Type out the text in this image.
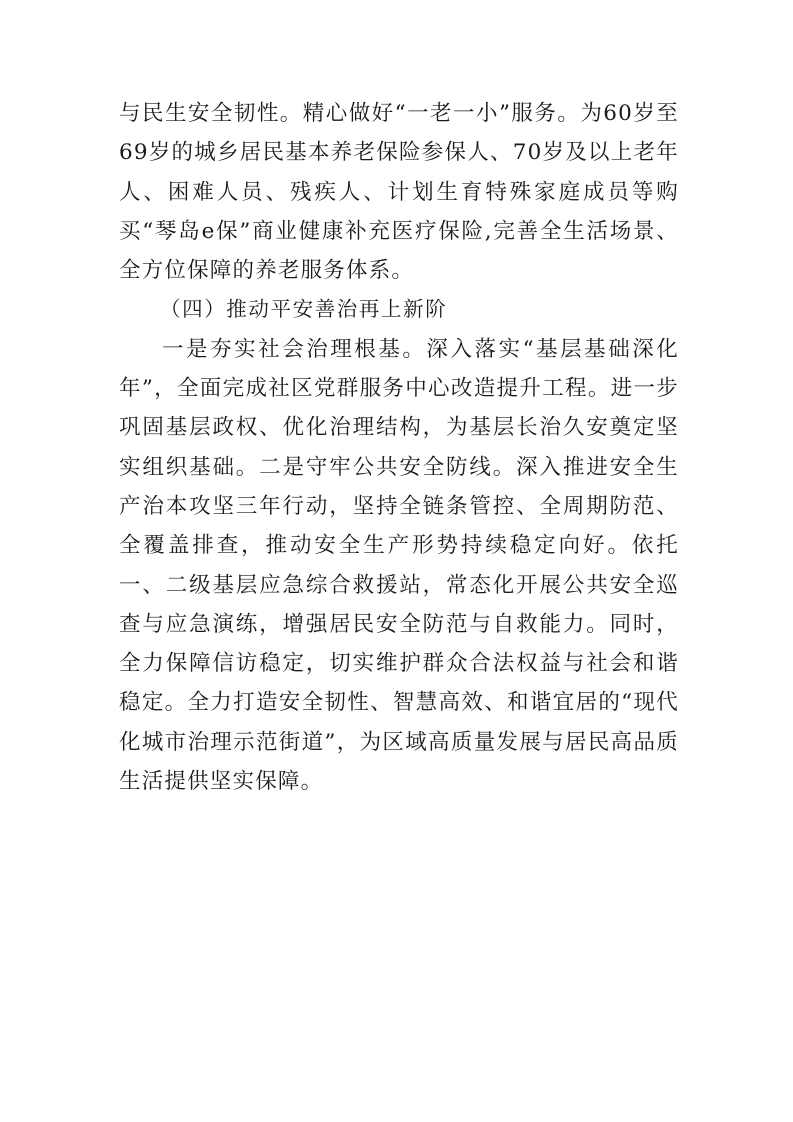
与民生安全韧性。精心做好“一老一小”服务。为60岁至69岁的城乡居民基本养老保险参保人、70岁及以上老年人、困难人员、残疾人、计划生育特殊家庭成员等购买“琴岛e保”商业健康补充医疗保险,完善全生活场景、全方位保障的养老服务体系。

（四）推动平安善治再上新阶

一是夯实社会治理根基。深入落实“基层基础深化年”，全面完成社区党群服务中心改造提升工程。进一步巩固基层政权、优化治理结构，为基层长治久安奠定坚实组织基础。二是守牢公共安全防线。深入推进安全生产治本攻坚三年行动，坚持全链条管控、全周期防范、全覆盖排查，推动安全生产形势持续稳定向好。依托一、二级基层应急综合救援站，常态化开展公共安全巡查与应急演练，增强居民安全防范与自救能力。同时，全力保障信访稳定，切实维护群众合法权益与社会和谐稳定。全力打造安全韧性、智慧高效、和谐宜居的“现代化城市治理示范街道”，为区域高质量发展与居民高品质生活提供坚实保障。
